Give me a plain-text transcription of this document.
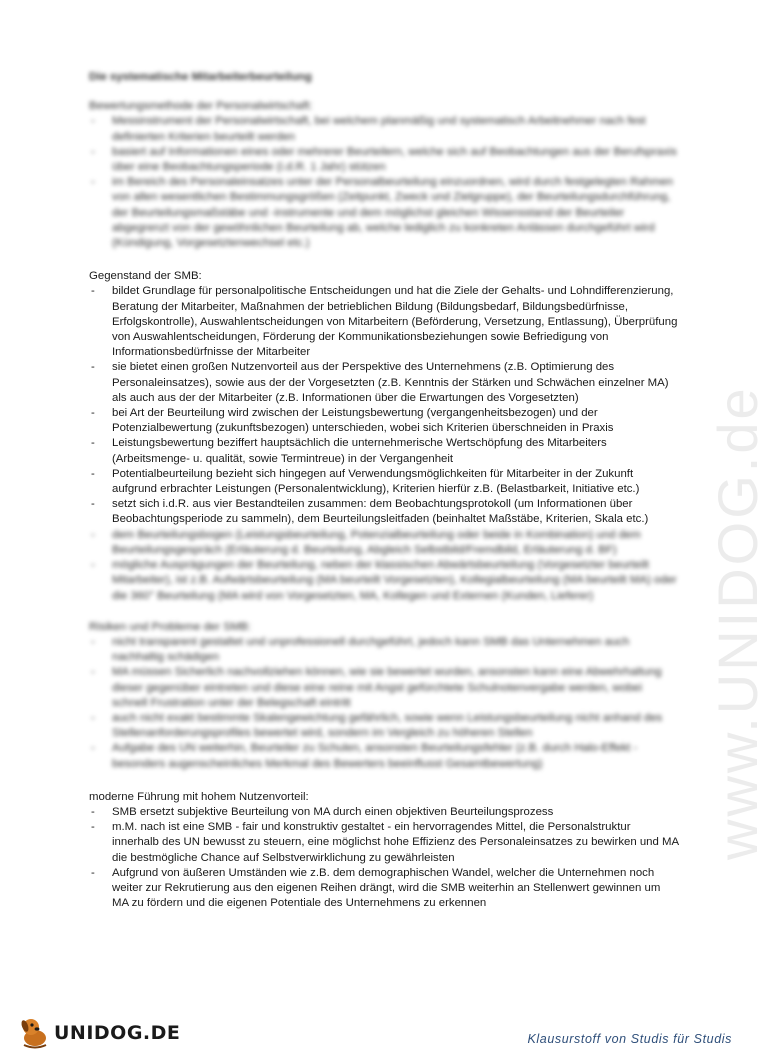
www.UNIDOG.de
Die systematische Mitarbeiterbeurteilung

Bewertungsmethode der Personalwirtschaft:

- Messinstrument der Personalwirtschaft, bei welchem planmäßig und systematisch Arbeitnehmer nach fest definierten Kriterien beurteilt werden
- basiert auf Informationen eines oder mehrerer Beurteilern, welche sich auf Beobachtungen aus der Berufspraxis über eine Beobachtungsperiode (i.d.R. 1 Jahr) stützen
- im Bereich des Personaleinsatzes unter der Personalbeurteilung einzuordnen, wird durch festgelegten Rahmen von allen wesentlichen Bestimmungsgrößen (Zeitpunkt, Zweck und Zielgruppe), der Beurteilungsdurchführung, der Beurteilungsmaßstäbe und -instrumente und dem möglichst gleichen Wissensstand der Beurteiler abgegrenzt von der gewöhnlichen Beurteilung ab, welche lediglich zu konkreten Anlässen durchgeführt wird (Kündigung, Vorgesetztenwechsel etc.)

Gegenstand der SMB:

- bildet Grundlage für personalpolitische Entscheidungen und hat die Ziele der Gehalts- und Lohndifferenzierung, Beratung der Mitarbeiter, Maßnahmen der betrieblichen Bildung (Bildungsbedarf, Bildungsbedürfnisse, Erfolgskontrolle), Auswahlentscheidungen von Mitarbeitern (Beförderung, Versetzung, Entlassung), Überprüfung von Auswahlentscheidungen, Förderung der Kommunikationsbeziehungen sowie Befriedigung von Informationsbedürfnisse der Mitarbeiter
- sie bietet einen großen Nutzenvorteil aus der Perspektive des Unternehmens (z.B. Optimierung des Personaleinsatzes), sowie aus der der Vorgesetzten (z.B. Kenntnis der Stärken und Schwächen einzelner MA) als auch aus der der Mitarbeiter (z.B. Informationen über die Erwartungen des Vorgesetzten)
- bei Art der Beurteilung wird zwischen der Leistungsbewertung (vergangenheitsbezogen) und der Potenzialbewertung (zukunftsbezogen) unterschieden, wobei sich Kriterien überschneiden in Praxis
- Leistungsbewertung beziffert hauptsächlich die unternehmerische Wertschöpfung des Mitarbeiters (Arbeitsmenge- u. qualität, sowie Termintreue) in der Vergangenheit
- Potentialbeurteilung bezieht sich hingegen auf Verwendungsmöglichkeiten für Mitarbeiter in der Zukunft aufgrund erbrachter Leistungen (Personalentwicklung), Kriterien hierfür z.B. (Belastbarkeit, Initiative etc.)
- setzt sich i.d.R. aus vier Bestandteilen zusammen: dem Beobachtungsprotokoll (um Informationen über Beobachtungsperiode zu sammeln), dem Beurteilungsleitfaden (beinhaltet Maßstäbe, Kriterien, Skala etc.)
- dem Beurteilungsbogen (Leistungsbeurteilung, Potenzialbeurteilung oder beide in Kombination) und dem Beurteilungsgespräch (Erläuterung d. Beurteilung, Abgleich Selbstbild/Fremdbild, Erläuterung d. BF)
- mögliche Ausprägungen der Beurteilung, neben der klassischen Abwärtsbeurteilung (Vorgesetzter beurteilt Mitarbeiter), ist z.B. Aufwärtsbeurteilung (MA beurteilt Vorgesetzten), Kollegialbeurteilung (MA beurteilt MA) oder die 360° Beurteilung (MA wird von Vorgesetzten, MA, Kollegen und Externen (Kunden, Lieferer)

Risiken und Probleme der SMB:

- nicht transparent gestaltet und unprofessionell durchgeführt, jedoch kann SMB das Unternehmen auch nachhaltig schädigen
- MA müssen Sicherlich nachvollziehen können, wie sie bewertet wurden, ansonsten kann eine Abwehrhaltung dieser gegenüber eintreten und diese eine reine mit Angst gefürchtete Schulnotenvergabe werden, wobei schnell Frustration unter der Belegschaft eintritt
- auch nicht exakt bestimmte Skalengewichtung gefährlich, sowie wenn Leistungsbeurteilung nicht anhand des Stellenanforderungsprofiles bewertet wird, sondern im Vergleich zu höheren Stellen
- Aufgabe des UN weiterhin, Beurteiler zu Schulen, ansonsten Beurteilungsfehler (z.B. durch Halo-Effekt - besonders augenscheinliches Merkmal des Bewerters beeinflusst Gesamtbewertung)

moderne Führung mit hohem Nutzenvorteil:

- SMB ersetzt subjektive Beurteilung von MA durch einen objektiven Beurteilungsprozess
- m.M. nach ist eine SMB - fair und konstruktiv gestaltet - ein hervorragendes Mittel, die Personalstruktur innerhalb des UN bewusst zu steuern, eine möglichst hohe Effizienz des Personaleinsatzes zu bewirken und MA die bestmögliche Chance auf Selbstverwirklichung zu gewährleisten
- Aufgrund von äußeren Umständen wie z.B. dem demographischen Wandel, welcher die Unternehmen noch weiter zur Rekrutierung aus den eigenen Reihen drängt, wird die SMB weiterhin an Stellenwert gewinnen um MA zu fördern und die eigenen Potentiale des Unternehmens zu erkennen
UNIDOG.DE	Klausurstoff von Studis für Studis
